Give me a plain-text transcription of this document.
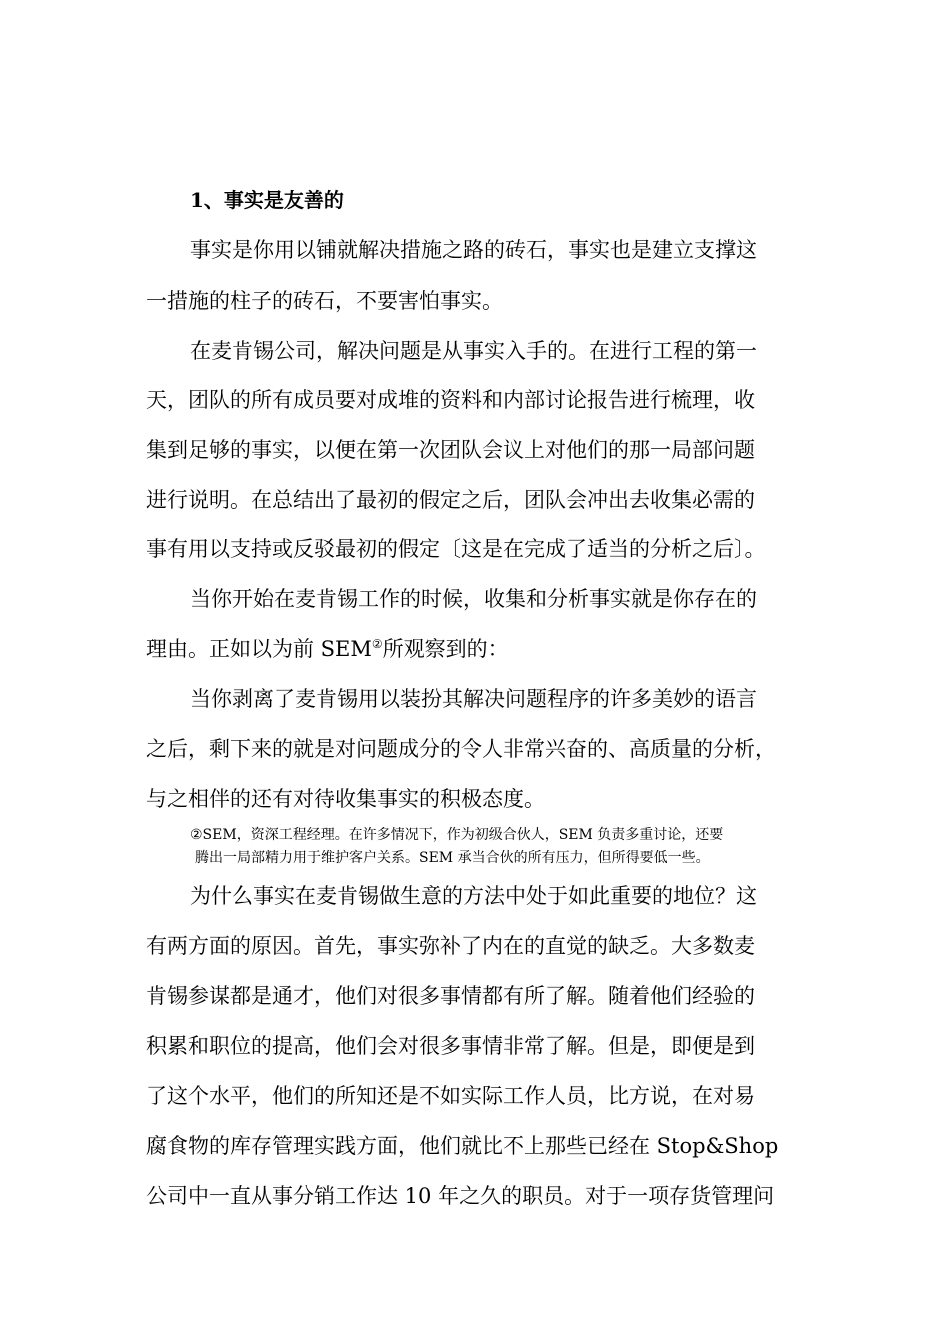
1、事实是友善的
事实是你用以铺就解决措施之路的砖石，事实也是建立支撑这
一措施的柱子的砖石，不要害怕事实。
在麦肯锡公司，解决问题是从事实入手的。在进行工程的第一
天，团队的所有成员要对成堆的资料和内部讨论报告进行梳理，收
集到足够的事实，以便在第一次团队会议上对他们的那一局部问题
进行说明。在总结出了最初的假定之后，团队会冲出去收集必需的
事有用以支持或反驳最初的假定〔这是在完成了适当的分析之后〕。
当你开始在麦肯锡工作的时候，收集和分析事实就是你存在的
理由。正如以为前 SEM②所观察到的：
当你剥离了麦肯锡用以装扮其解决问题程序的许多美妙的语言
之后，剩下来的就是对问题成分的令人非常兴奋的、高质量的分析，
与之相伴的还有对待收集事实的积极态度。
②SEM，资深工程经理。在许多情况下，作为初级合伙人，SEM 负责多重讨论，还要
腾出一局部精力用于维护客户关系。SEM 承当合伙的所有压力，但所得要低一些。
为什么事实在麦肯锡做生意的方法中处于如此重要的地位？这
有两方面的原因。首先，事实弥补了内在的直觉的缺乏。大多数麦
肯锡参谋都是通才，他们对很多事情都有所了解。随着他们经验的
积累和职位的提高，他们会对很多事情非常了解。但是，即便是到
了这个水平，他们的所知还是不如实际工作人员，比方说，在对易
腐食物的库存管理实践方面，他们就比不上那些已经在 Stop&Shop
公司中一直从事分销工作达 10 年之久的职员。对于一项存货管理问
